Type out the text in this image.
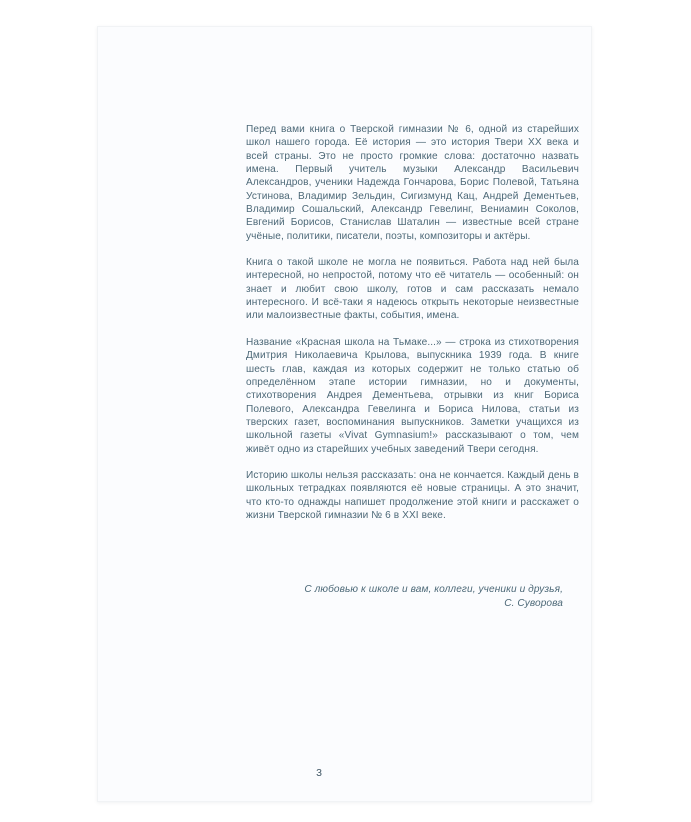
Перед вами книга о Тверской гимназии № 6, одной из старейших школ нашего города. Её история — это история Твери XX века и всей страны. Это не просто громкие слова: достаточно назвать имена. Первый учитель музыки Александр Васильевич Александров, ученики Надежда Гончарова, Борис Полевой, Татьяна Устинова, Владимир Зельдин, Сигизмунд Кац, Андрей Дементьев, Владимир Сошальский, Александр Гевелинг, Вениамин Соколов, Евгений Борисов, Станислав Шаталин — известные всей стране учёные, политики, писатели, поэты, композиторы и актёры.

Книга о такой школе не могла не появиться. Работа над ней была интересной, но непростой, потому что её читатель — особенный: он знает и любит свою школу, готов и сам рассказать немало интересного. И всё-таки я надеюсь открыть некоторые неизвестные или малоизвестные факты, события, имена.

Название «Красная школа на Тьмаке...» — строка из стихотворения Дмитрия Николаевича Крылова, выпускника 1939 года. В книге шесть глав, каждая из которых содержит не только статью об определённом этапе истории гимназии, но и документы, стихотворения Андрея Дементьева, отрывки из книг Бориса Полевого, Александра Гевелинга и Бориса Нилова, статьи из тверских газет, воспоминания выпускников. Заметки учащихся из школьной газеты «Vivat Gymnasium!» рассказывают о том, чем живёт одно из старейших учебных заведений Твери сегодня.

Историю школы нельзя рассказать: она не кончается. Каждый день в школьных тетрадках появляются её новые страницы. А это значит, что кто-то однажды напишет продолжение этой книги и расскажет о жизни Тверской гимназии № 6 в XXI веке.

С любовью к школе и вам, коллеги, ученики и друзья,
С. Суворова
3
